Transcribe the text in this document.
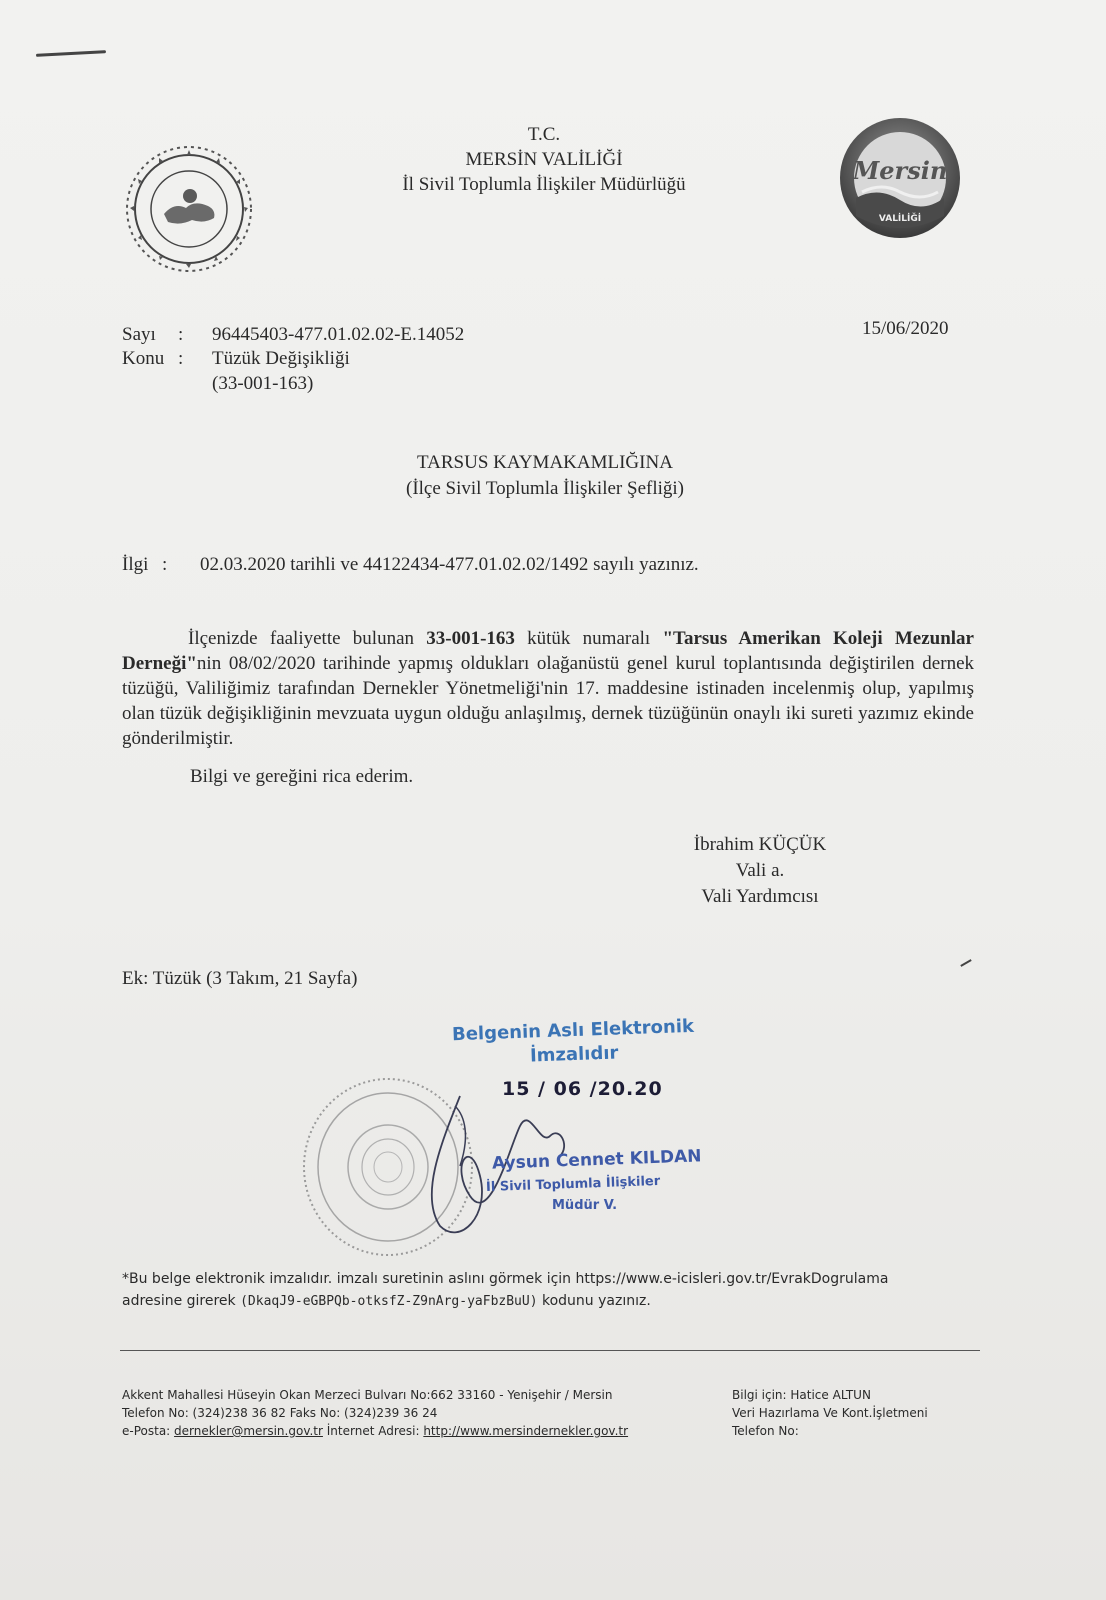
Mersin
VALİLİĞİ
T.C.
MERSİN VALİLİĞİ
İl Sivil Toplumla İlişkiler Müdürlüğü
Sayı : 96445403-477.01.02.02-E.14052	15/06/2020
Konu : Tüzük Değişikliği
(33-001-163)
TARSUS KAYMAKAMLIĞINA
(İlçe Sivil Toplumla İlişkiler Şefliği)
İlgi : 02.03.2020 tarihli ve 44122434-477.01.02.02/1492 sayılı yazınız.
İlçenizde faaliyette bulunan 33-001-163 kütük numaralı "Tarsus Amerikan Koleji Mezunlar Derneği"nin 08/02/2020 tarihinde yapmış oldukları olağanüstü genel kurul toplantısında değiştirilen dernek tüzüğü, Valiliğimiz tarafından Dernekler Yönetmeliği'nin 17. maddesine istinaden incelenmiş olup, yapılmış olan tüzük değişikliğinin mevzuata uygun olduğu anlaşılmış, dernek tüzüğünün onaylı iki sureti yazımız ekinde gönderilmiştir.
Bilgi ve gereğini rica ederim.
İbrahim KÜÇÜK
Vali a.
Vali Yardımcısı
Ek: Tüzük (3 Takım, 21 Sayfa)
Belgenin Aslı Elektronik
İmzalıdır
15 / 06 /20.20
Aysun Cennet KILDAN
İl Sivil Toplumla İlişkiler
Müdür V.
*Bu belge elektronik imzalıdır. imzalı suretinin aslını görmek için https://www.e-icisleri.gov.tr/EvrakDogrulama
adresine girerek (DkaqJ9-eGBPQb-otksfZ-Z9nArg-yaFbzBuU) kodunu yazınız.
Akkent Mahallesi Hüseyin Okan Merzeci Bulvarı No:662 33160 - Yenişehir / Mersin
Telefon No: (324)238 36 82 Faks No: (324)239 36 24
e-Posta: dernekler@mersin.gov.tr İnternet Adresi: http://www.mersindernekler.gov.tr
Bilgi için: Hatice ALTUN
Veri Hazırlama Ve Kont.İşletmeni
Telefon No:
